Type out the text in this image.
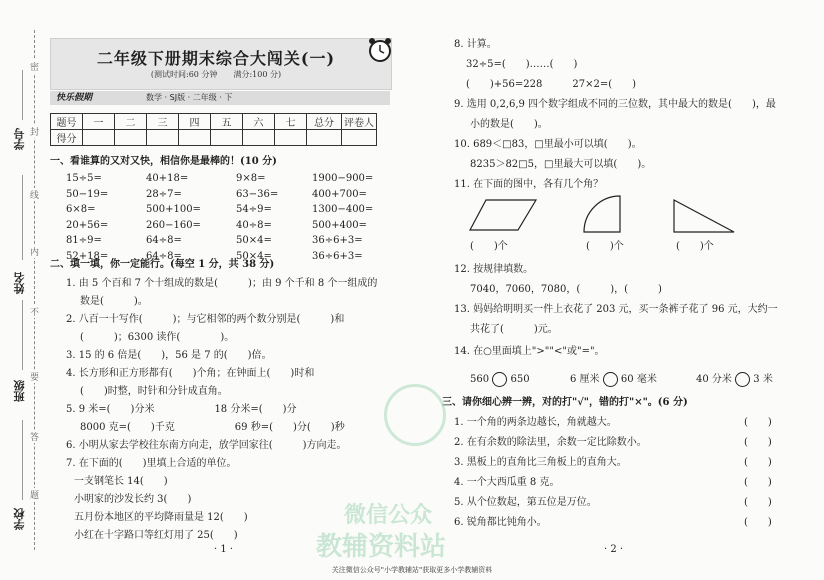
密
封
线
内
不
要
答
题
学号
姓名
班级
学校
二年级下册期末综合大闯关(一)
(测试时间:60 分钟　　满分:100 分)
快乐假期	数学 · SJ版 · 二年级 · 下
题号	一	二	三	四	五	六	七	总分	评卷人
得分									
一、看谁算的又对又快，相信你是最棒的！(10 分)
15÷5=	40+18=	9×8=	1900−900=
50−19=	28÷7=	63−36=	400+700=
6×8=	500+100=	54÷9=	1300−400=
20+56=	260−160=	40÷8=	500+400=
81÷9=	64÷8=	50×4=	36÷6+3=
52+18=	64÷8=	50×4=	36÷6+3=
二、填一填，你一定能行。(每空 1 分，共 38 分)
1. 由 5 个百和 7 个十组成的数是(　　　)；由 9 个千和 8 个一组成的
数是(　　　)。
2. 八百一十写作(　　　)；与它相邻的两个数分别是(　　　)和
(　　　)；6300 读作(　　　　)。
3. 15 的 6 倍是(　　)，56 是 7 的(　　)倍。
4. 长方形和正方形都有(　　)个角；在钟面上(　　)时和
(　　)时整，时针和分针成直角。
5. 9 米=(　　)分米　　　　　　18 分米=(　　)分
8000 克=(　　)千克　　　　　　69 秒=(　　)分(　　)秒
6. 小明从家去学校往东南方向走，放学回家往(　　　)方向走。
7. 在下面的(　　)里填上合适的单位。
一支钢笔长 14(　　)
小明家的沙发长约 3(　　)
五月份本地区的平均降雨量是 12(　　)
小红在十字路口等红灯用了 25(　　)
· 1 ·
8. 计算。
32÷5=(　　)……(　　)
(　　)+56=228　　　27×2=(　　)
9. 选用 0,2,6,9 四个数字组成不同的三位数，其中最大的数是(　　)，最
小的数是(　　)。
10. 689＜□83，□里最小可以填(　　)。
8235＞82□5，□里最大可以填(　　)。
11. 在下面的图中，各有几个角？
(　　)个	(　　)个	(　　)个
12. 按规律填数。
7040，7060，7080，(　　　)，(　　　)
13. 妈妈给明明买一件上衣花了 203 元，买一条裤子花了 96 元，大约一
共花了(　　　)元。
14. 在○里面填上">""<"或"="。
560 650	6 厘米 60 毫米	40 分米 3 米
三、请你细心辨一辨，对的打"√"，错的打"×"。(6 分)
1. 一个角的两条边越长，角就越大。	(　　)
2. 在有余数的除法里，余数一定比除数小。	(　　)
3. 黑板上的直角比三角板上的直角大。	(　　)
4. 一个大西瓜重 8 克。	(　　)
5. 从个位数起，第五位是万位。	(　　)
6. 锐角都比钝角小。	(　　)
· 2 ·
微信公众
教辅资料站
关注微信公众号"小学教辅站"获取更多小学教辅资料
